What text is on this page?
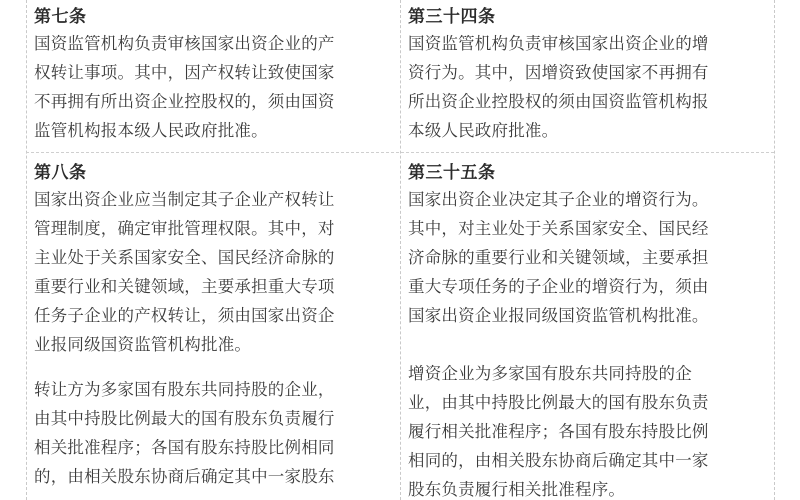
第七条

国资监管机构负责审核国家出资企业的产
权转让事项。其中，因产权转让致使国家
不再拥有所出资企业控股权的，须由国资
监管机构报本级人民政府批准。

第三十四条

国资监管机构负责审核国家出资企业的增
资行为。其中，因增资致使国家不再拥有
所出资企业控股权的须由国资监管机构报
本级人民政府批准。

第八条

国家出资企业应当制定其子企业产权转让
管理制度，确定审批管理权限。其中，对
主业处于关系国家安全、国民经济命脉的
重要行业和关键领域，主要承担重大专项
任务子企业的产权转让，须由国家出资企
业报同级国资监管机构批准。

转让方为多家国有股东共同持股的企业，
由其中持股比例最大的国有股东负责履行
相关批准程序；各国有股东持股比例相同
的，由相关股东协商后确定其中一家股东

第三十五条

国家出资企业决定其子企业的增资行为。
其中，对主业处于关系国家安全、国民经
济命脉的重要行业和关键领域，主要承担
重大专项任务的子企业的增资行为，须由
国家出资企业报同级国资监管机构批准。

增资企业为多家国有股东共同持股的企
业，由其中持股比例最大的国有股东负责
履行相关批准程序；各国有股东持股比例
相同的，由相关股东协商后确定其中一家
股东负责履行相关批准程序。
